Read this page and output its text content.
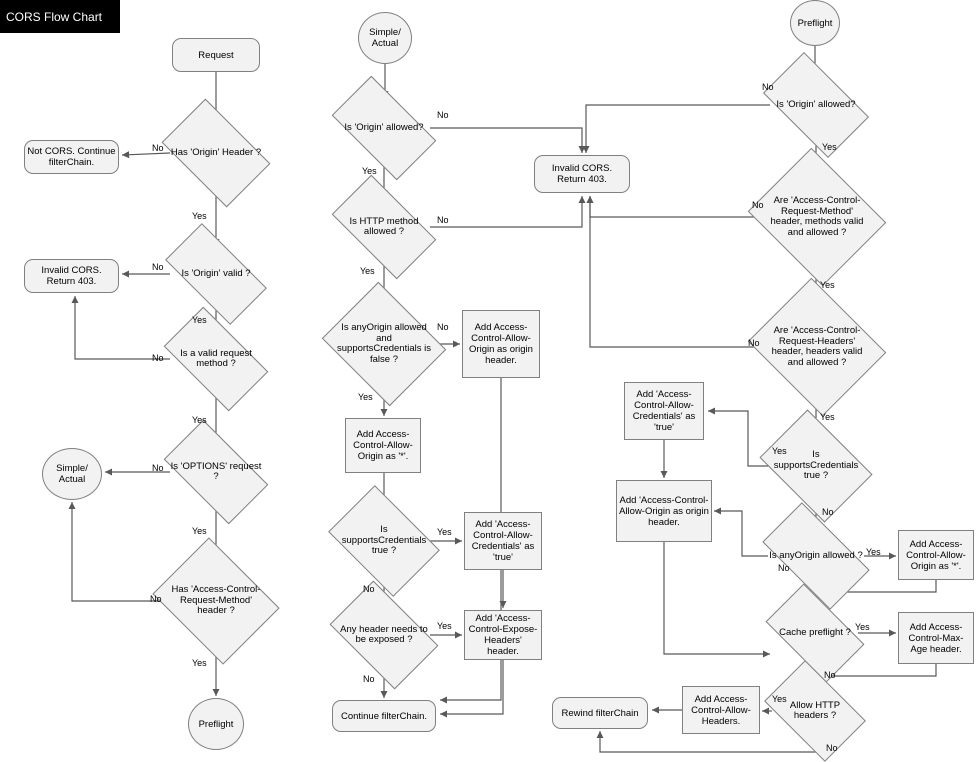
CORS Flow Chart
Request
Has 'Origin' Header ?
Not CORS. Continue filterChain.
Is 'Origin' valid ?
Invalid CORS. Return 403.
Is a valid request method ?
Is 'OPTIONS' request ?
Simple/ Actual
Has 'Access-Control-Request-Method' header ?
Preflight
Simple/ Actual
Is 'Origin' allowed?
Invalid CORS. Return 403.
Is HTTP method allowed ?
Is anyOrigin allowed and supportsCredentials is false ?
Add Access-Control-Allow-Origin as origin header.
Add Access-Control-Allow-Origin as '*'.
Is supportsCredentials true ?
Add 'Access-Control-Allow-Credentials' as 'true'
Any header needs to be exposed ?
Add 'Access-Control-Expose-Headers' header.
Continue filterChain.
Preflight
Is 'Origin' allowed?
Are 'Access-Control-Request-Method' header, methods valid and allowed ?
Are 'Access-Control-Request-Headers' header, headers valid and allowed ?
Is supportsCredentials true ?
Add 'Access-Control-Allow-Credentials' as 'true'
Add 'Access-Control-Allow-Origin as origin header.
Is anyOrigin allowed ?
Add Access-Control-Allow-Origin as '*'.
Cache preflight ?	Add Access-Control-Max-Age header.
Allow HTTP headers ?
Add Access-Control-Allow-Headers.
Rewind filterChain
No
Yes
No
Yes
No
Yes
No
Yes
No
Yes
No
Yes
No
Yes
No
Yes
Yes
No
Yes
No
No
Yes
No
Yes
No
Yes
Yes
No
No
Yes
Yes
No
Yes
No
